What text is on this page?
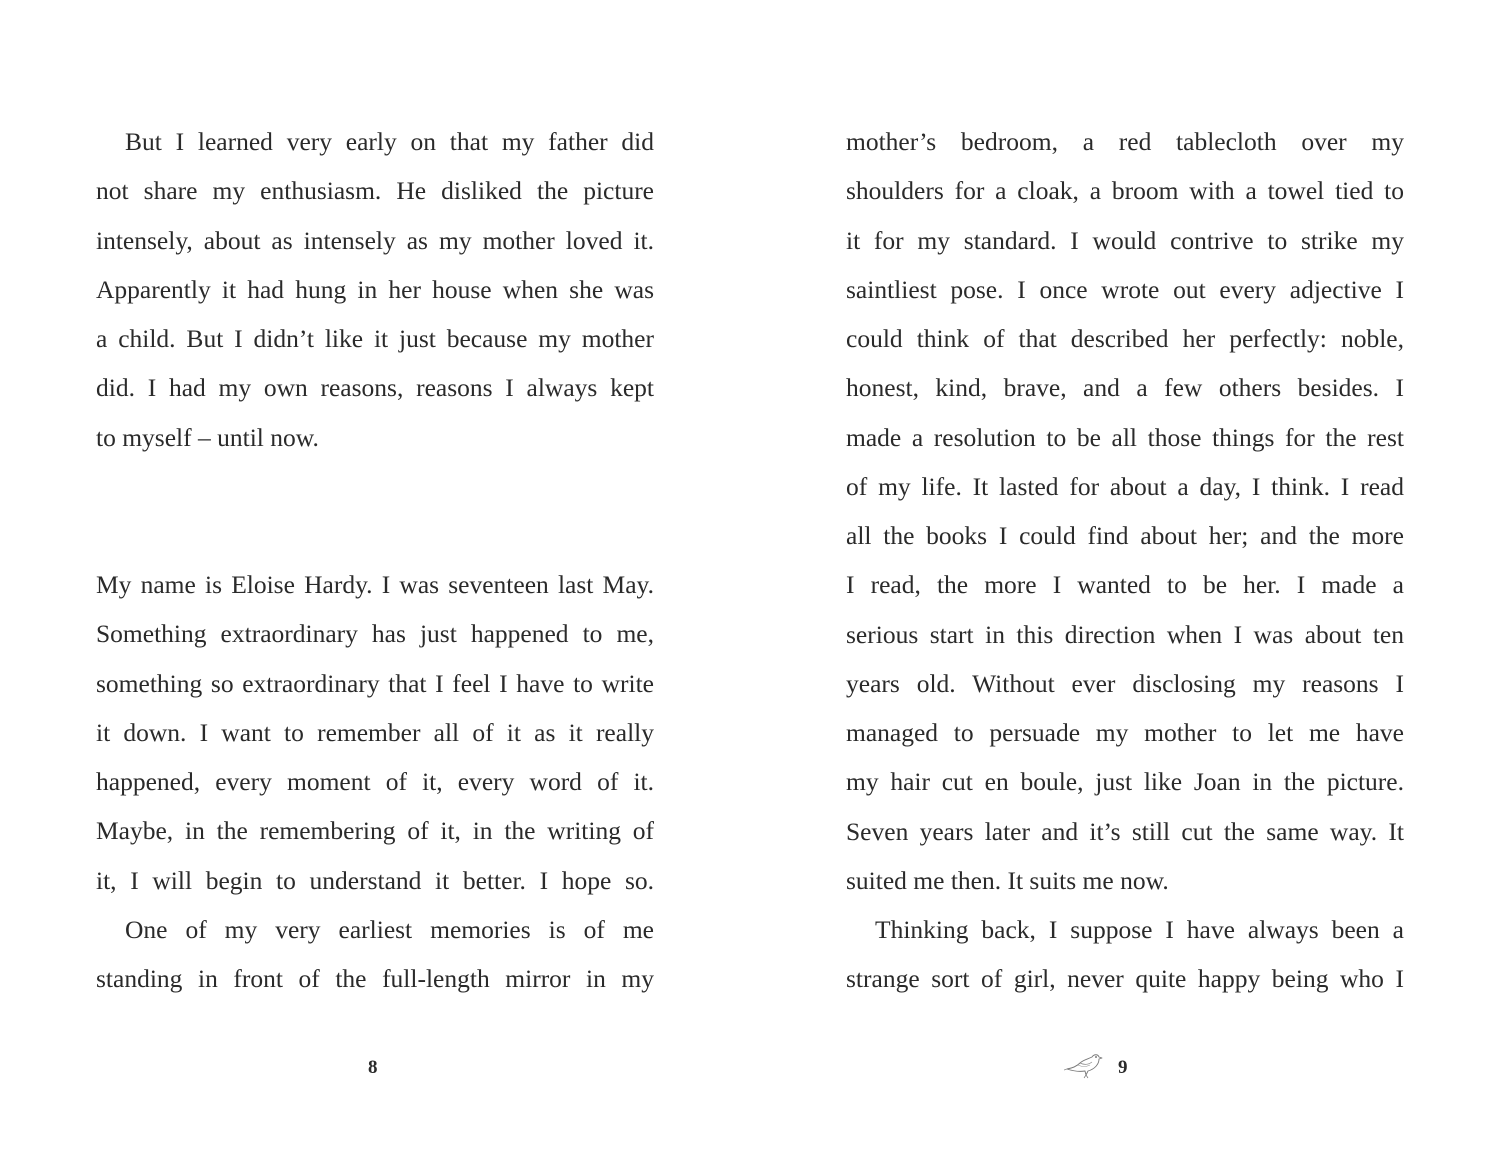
But I learned very early on that my father did
not share my enthusiasm. He disliked the picture
intensely, about as intensely as my mother loved it.
Apparently it had hung in her house when she was
a child. But I didn’t like it just because my mother
did. I had my own reasons, reasons I always kept
to myself – until now.
My name is Eloise Hardy. I was seventeen last May.
Something extraordinary has just happened to me,
something so extraordinary that I feel I have to write
it down. I want to remember all of it as it really
happened, every moment of it, every word of it.
Maybe, in the remembering of it, in the writing of
it, I will begin to understand it better. I hope so.
One of my very earliest memories is of me
standing in front of the full-length mirror in my
8
mother’s bedroom, a red tablecloth over my
shoulders for a cloak, a broom with a towel tied to
it for my standard. I would contrive to strike my
saintliest pose. I once wrote out every adjective I
could think of that described her perfectly: noble,
honest, kind, brave, and a few others besides. I
made a resolution to be all those things for the rest
of my life. It lasted for about a day, I think. I read
all the books I could find about her; and the more
I read, the more I wanted to be her. I made a
serious start in this direction when I was about ten
years old. Without ever disclosing my reasons I
managed to persuade my mother to let me have
my hair cut en boule, just like Joan in the picture.
Seven years later and it’s still cut the same way. It
suited me then. It suits me now.
Thinking back, I suppose I have always been a
strange sort of girl, never quite happy being who I
9
